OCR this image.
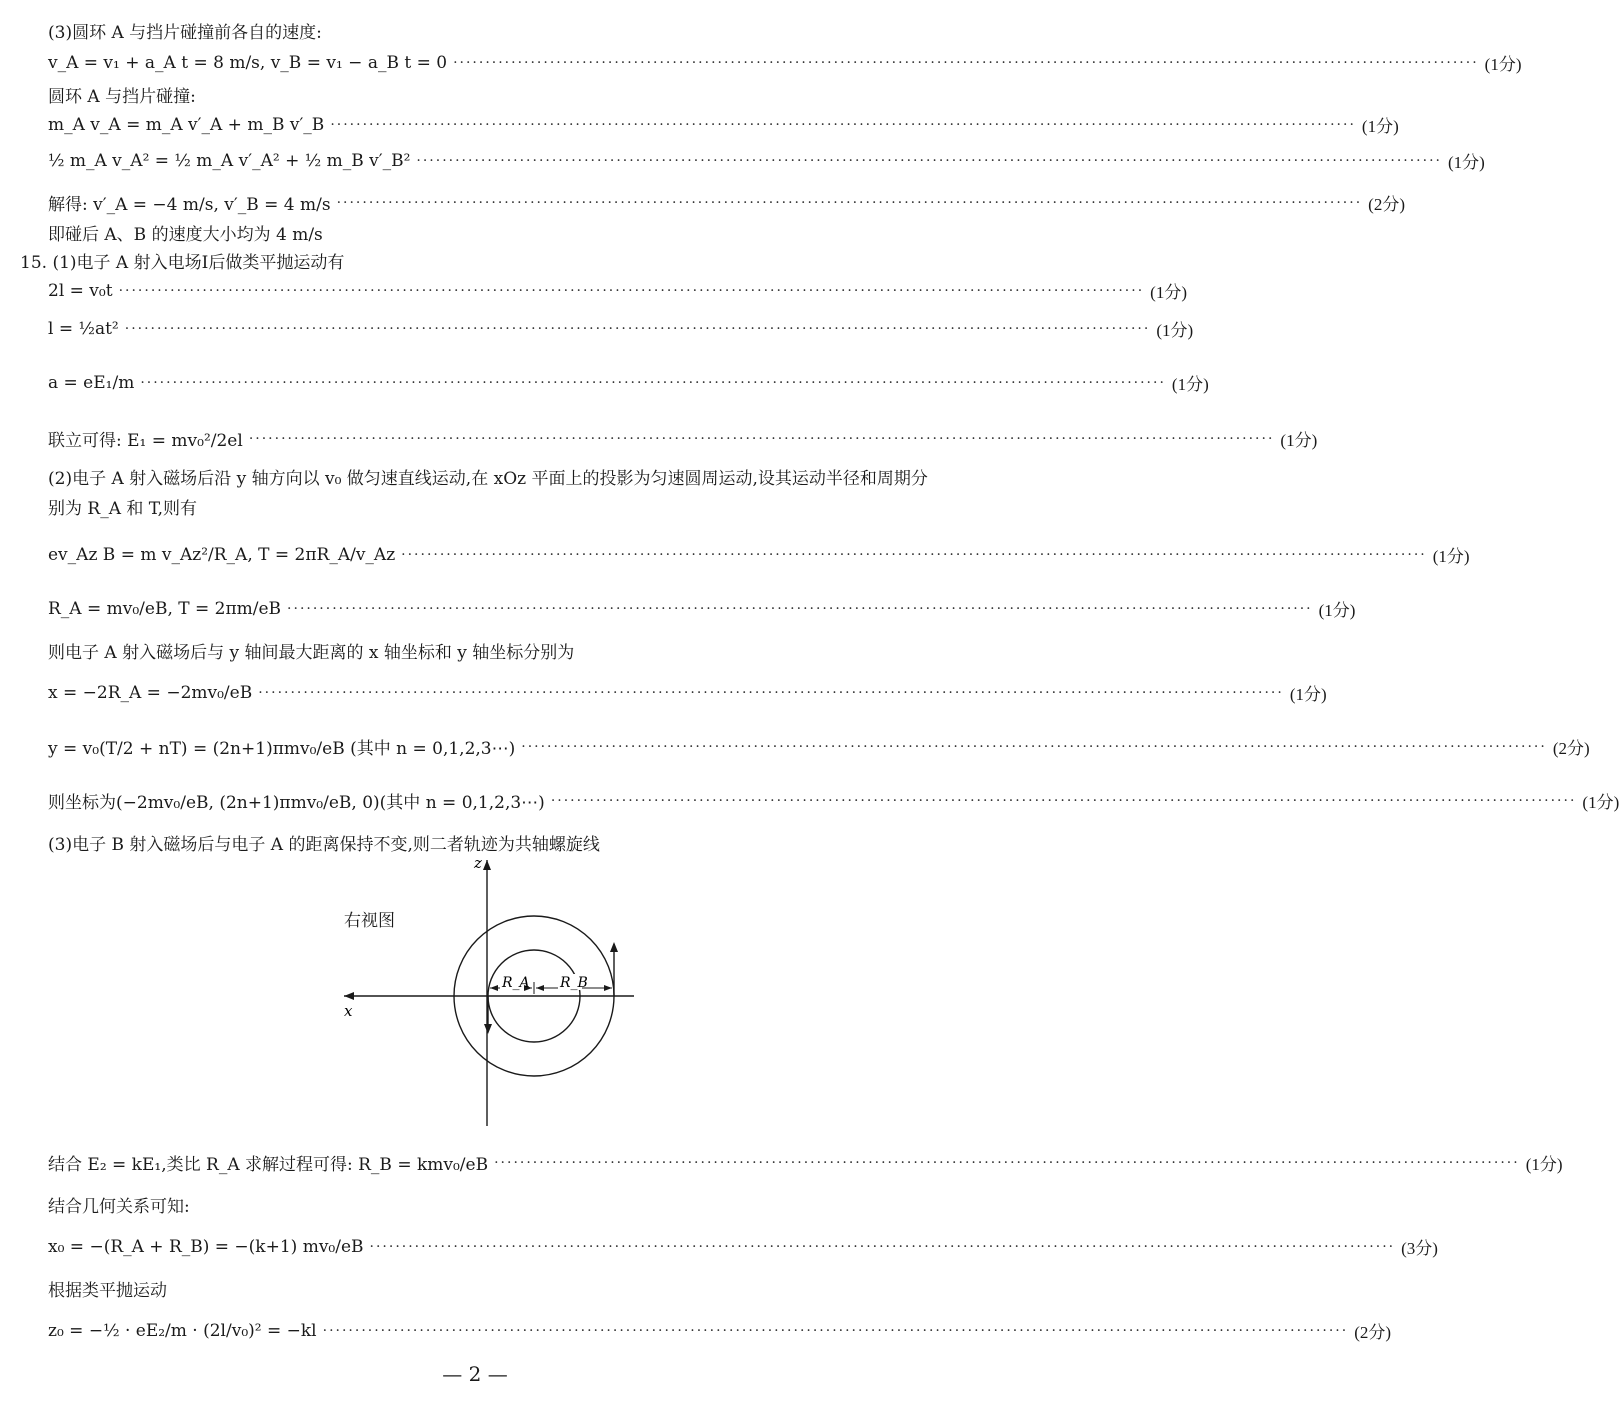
(3)圆环 A 与挡片碰撞前各自的速度:
v_A = v₁ + a_A t = 8 m/s, v_B = v₁ − a_B t = 0 ······························································································································································· (1分)
圆环 A 与挡片碰撞:
m_A v_A = m_A v′_A + m_B v′_B ······························································································································································· (1分)
½ m_A v_A² = ½ m_A v′_A² + ½ m_B v′_B² ······························································································································································· (1分)
解得: v′_A = −4 m/s, v′_B = 4 m/s ······························································································································································· (2分)
即碰后 A、B 的速度大小均为 4 m/s
15. (1)电子 A 射入电场Ⅰ后做类平抛运动有
2l = v₀t ······························································································································································· (1分)
l = ½at² ······························································································································································· (1分)
a = eE₁/m ······························································································································································· (1分)
联立可得: E₁ = mv₀²/2el ······························································································································································· (1分)
(2)电子 A 射入磁场后沿 y 轴方向以 v₀ 做匀速直线运动,在 xOz 平面上的投影为匀速圆周运动,设其运动半径和周期分别为 R_A 和 T,则有
ev_Az B = m v_Az²/R_A, T = 2πR_A/v_Az ······························································································································································· (1分)
R_A = mv₀/eB, T = 2πm/eB ······························································································································································· (1分)
则电子 A 射入磁场后与 y 轴间最大距离的 x 轴坐标和 y 轴坐标分别为
x = −2R_A = −2mv₀/eB ······························································································································································· (1分)
y = v₀(T/2 + nT) = (2n+1)πmv₀/eB (其中 n = 0,1,2,3⋯) ······························································································································································· (2分)
则坐标为(−2mv₀/eB, (2n+1)πmv₀/eB, 0)(其中 n = 0,1,2,3⋯) ······························································································································································· (1分)
(3)电子 B 射入磁场后与电子 A 的距离保持不变,则二者轨迹为共轴螺旋线
右视图
x
z
R_A R_B
结合 E₂ = kE₁,类比 R_A 求解过程可得: R_B = kmv₀/eB ······························································································································································· (1分)
结合几何关系可知:
x₀ = −(R_A + R_B) = −(k+1) mv₀/eB ······························································································································································· (3分)
根据类平抛运动
z₀ = −½ · eE₂/m · (2l/v₀)² = −kl ······························································································································································· (2分)
— 2 —
